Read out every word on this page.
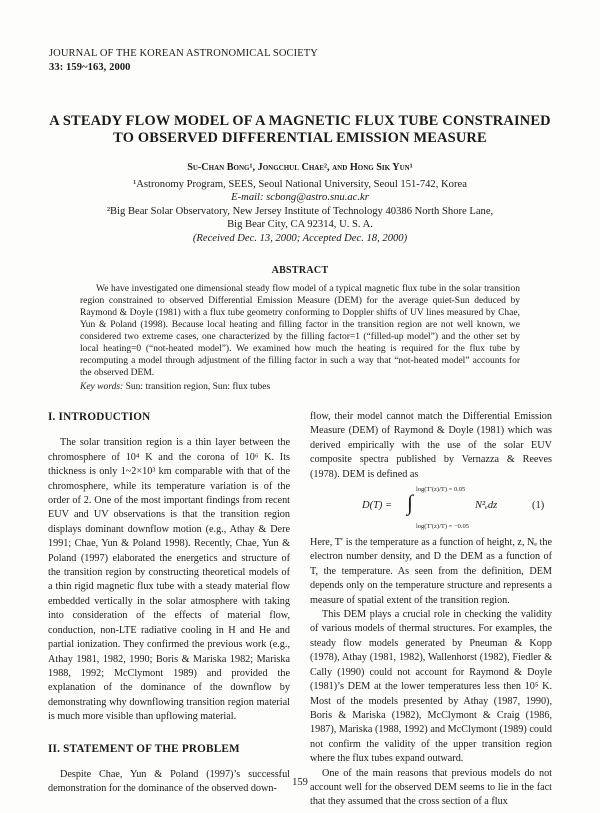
JOURNAL OF THE KOREAN ASTRONOMICAL SOCIETY
33: 159~163, 2000
A STEADY FLOW MODEL OF A MAGNETIC FLUX TUBE CONSTRAINED
TO OBSERVED DIFFERENTIAL EMISSION MEASURE
Su-Chan Bong¹, Jongchul Chae², and Hong Sik Yun¹
¹Astronomy Program, SEES, Seoul National University, Seoul 151-742, Korea
E-mail: scbong@astro.snu.ac.kr
²Big Bear Solar Observatory, New Jersey Institute of Technology 40386 North Shore Lane,
Big Bear City, CA 92314, U. S. A.
(Received Dec. 13, 2000; Accepted Dec. 18, 2000)
ABSTRACT
We have investigated one dimensional steady flow model of a typical magnetic flux tube in the solar transition region constrained to observed Differential Emission Measure (DEM) for the average quiet-Sun deduced by Raymond & Doyle (1981) with a flux tube geometry conforming to Doppler shifts of UV lines measured by Chae, Yun & Poland (1998). Because local heating and filling factor in the transition region are not well known, we considered two extreme cases, one characterized by the filling factor=1 (“filled-up model”) and the other set by local heating=0 (“not-heated model”). We examined how much the heating is required for the flux tube by recomputing a model through adjustment of the filling factor in such a way that “not-heated model” accounts for the observed DEM.
Key words: Sun: transition region, Sun: flux tubes
I. INTRODUCTION

The solar transition region is a thin layer between the chromosphere of 10⁴ K and the corona of 10⁶ K. Its thickness is only 1~2×10³ km comparable with that of the chromosphere, while its temperature variation is of the order of 2. One of the most important findings from recent EUV and UV observations is that the transition region displays dominant downflow motion (e.g., Athay & Dere 1991; Chae, Yun & Poland 1998). Recently, Chae, Yun & Poland (1997) elaborated the energetics and structure of the transition region by constructing theoretical models of a thin rigid magnetic flux tube with a steady material flow embedded vertically in the solar atmosphere with taking into consideration of the effects of material flow, conduction, non-LTE radiative cooling in H and He and partial ionization. They confirmed the previous work (e.g., Athay 1981, 1982, 1990; Boris & Mariska 1982; Mariska 1988, 1992; McClymont 1989) and provided the explanation of the dominance of the downflow by demonstrating why downflowing transition region material is much more visible than upflowing material.

II. STATEMENT OF THE PROBLEM

Despite Chae, Yun & Poland (1997)’s successful demonstration for the dominance of the observed down-

flow, their model cannot match the Differential Emission Measure (DEM) of Raymond & Doyle (1981) which was derived empirically with the use of the solar EUV composite spectra published by Vernazza & Reeves (1978). DEM is defined as

D(T) = ∫
log(T′(z)/T) = 0.05
log(T′(z)/T) = −0.05
N²ₑdz	(1)

Here, T′ is the temperature as a function of height, z, Nₑ the electron number density, and D the DEM as a function of T, the temperature. As seen from the definition, DEM depends only on the temperature structure and represents a measure of spatial extent of the transition region.

This DEM plays a crucial role in checking the validity of various models of thermal structures. For examples, the steady flow models generated by Pneuman & Kopp (1978), Athay (1981, 1982), Wallenhorst (1982), Fiedler & Cally (1990) could not account for Raymond & Doyle (1981)’s DEM at the lower temperatures less then 10⁵ K. Most of the models presented by Athay (1987, 1990), Boris & Mariska (1982), McClymont & Craig (1986, 1987), Mariska (1988, 1992) and McClymont (1989) could not confirm the validity of the upper transition region where the flux tubes expand outward.

One of the main reasons that previous models do not account well for the observed DEM seems to lie in the fact that they assumed that the cross section of a flux

159
